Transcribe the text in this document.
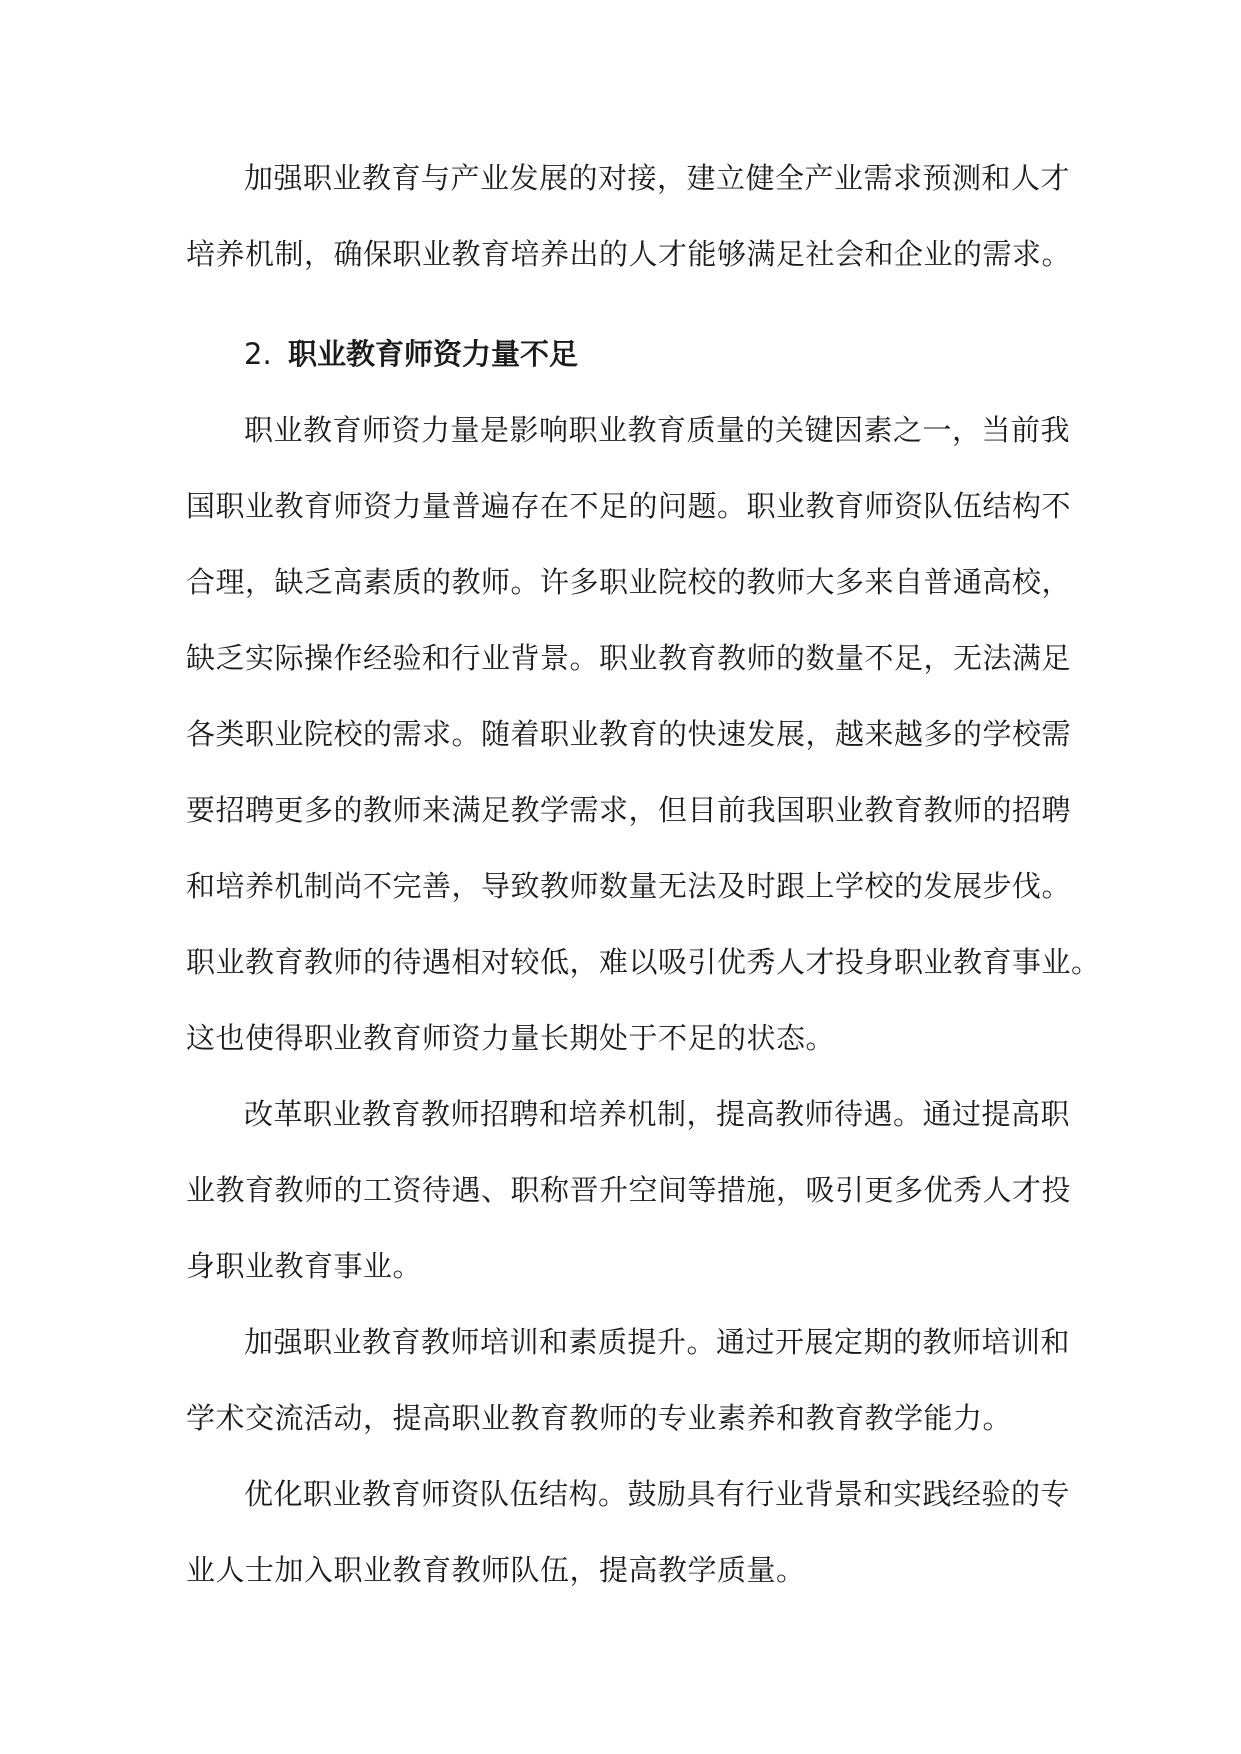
加强职业教育与产业发展的对接，建立健全产业需求预测和人才
培养机制，确保职业教育培养出的人才能够满足社会和企业的需求。
2. 职业教育师资力量不足
职业教育师资力量是影响职业教育质量的关键因素之一，当前我
国职业教育师资力量普遍存在不足的问题。职业教育师资队伍结构不
合理，缺乏高素质的教师。许多职业院校的教师大多来自普通高校，
缺乏实际操作经验和行业背景。职业教育教师的数量不足，无法满足
各类职业院校的需求。随着职业教育的快速发展，越来越多的学校需
要招聘更多的教师来满足教学需求，但目前我国职业教育教师的招聘
和培养机制尚不完善，导致教师数量无法及时跟上学校的发展步伐。
职业教育教师的待遇相对较低，难以吸引优秀人才投身职业教育事业。
这也使得职业教育师资力量长期处于不足的状态。
改革职业教育教师招聘和培养机制，提高教师待遇。通过提高职
业教育教师的工资待遇、职称晋升空间等措施，吸引更多优秀人才投
身职业教育事业。
加强职业教育教师培训和素质提升。通过开展定期的教师培训和
学术交流活动，提高职业教育教师的专业素养和教育教学能力。
优化职业教育师资队伍结构。鼓励具有行业背景和实践经验的专
业人士加入职业教育教师队伍，提高教学质量。
